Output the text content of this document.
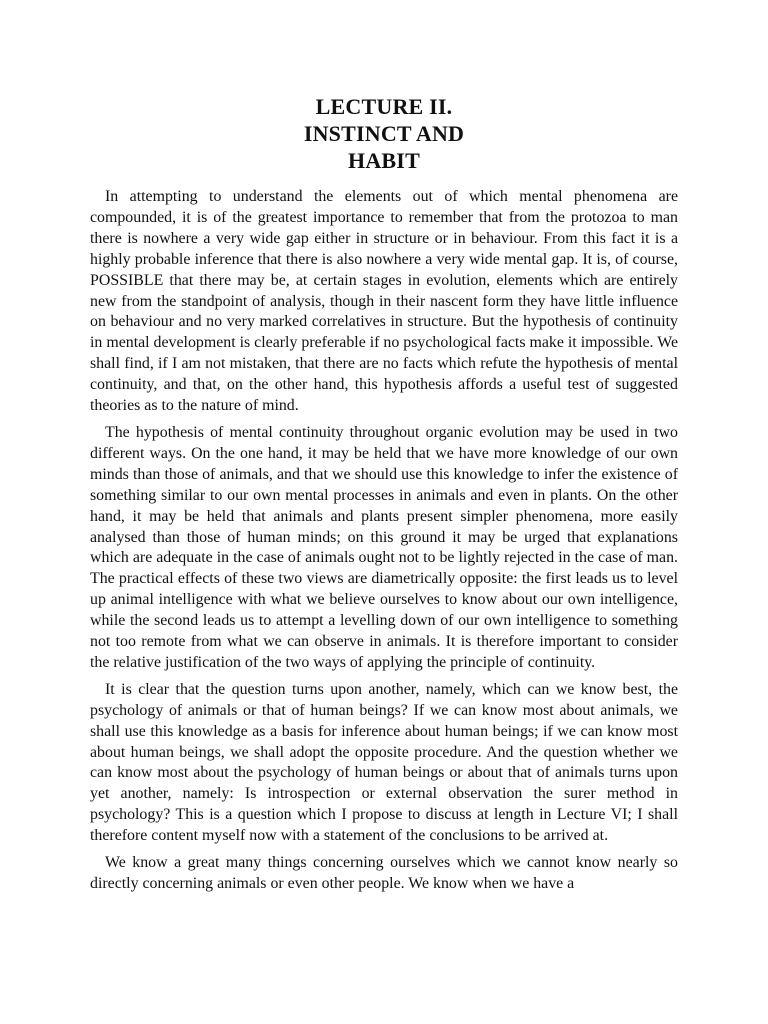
LECTURE II.
INSTINCT AND
HABIT

In attempting to understand the elements out of which mental phenomena are compounded, it is of the greatest importance to remember that from the protozoa to man there is nowhere a very wide gap either in structure or in behaviour. From this fact it is a highly probable inference that there is also nowhere a very wide mental gap. It is, of course, POSSIBLE that there may be, at certain stages in evolution, elements which are entirely new from the standpoint of analysis, though in their nascent form they have little influence on behaviour and no very marked correlatives in structure. But the hypothesis of continuity in mental development is clearly preferable if no psychological facts make it impossible. We shall find, if I am not mistaken, that there are no facts which refute the hypothesis of mental continuity, and that, on the other hand, this hypothesis affords a useful test of suggested theories as to the nature of mind.

The hypothesis of mental continuity throughout organic evolution may be used in two different ways. On the one hand, it may be held that we have more knowledge of our own minds than those of animals, and that we should use this knowledge to infer the existence of something similar to our own mental processes in animals and even in plants. On the other hand, it may be held that animals and plants present simpler phenomena, more easily analysed than those of human minds; on this ground it may be urged that explanations which are adequate in the case of animals ought not to be lightly rejected in the case of man. The practical effects of these two views are diametrically opposite: the first leads us to level up animal intelligence with what we believe ourselves to know about our own intelligence, while the second leads us to attempt a levelling down of our own intelligence to something not too remote from what we can observe in animals. It is therefore important to consider the relative justification of the two ways of applying the principle of continuity.

It is clear that the question turns upon another, namely, which can we know best, the psychology of animals or that of human beings? If we can know most about animals, we shall use this knowledge as a basis for inference about human beings; if we can know most about human beings, we shall adopt the opposite procedure. And the question whether we can know most about the psychology of human beings or about that of animals turns upon yet another, namely: Is introspection or external observation the surer method in psychology? This is a question which I propose to discuss at length in Lecture VI; I shall therefore content myself now with a statement of the conclusions to be arrived at.

We know a great many things concerning ourselves which we cannot know nearly so directly concerning animals or even other people. We know when we have a
